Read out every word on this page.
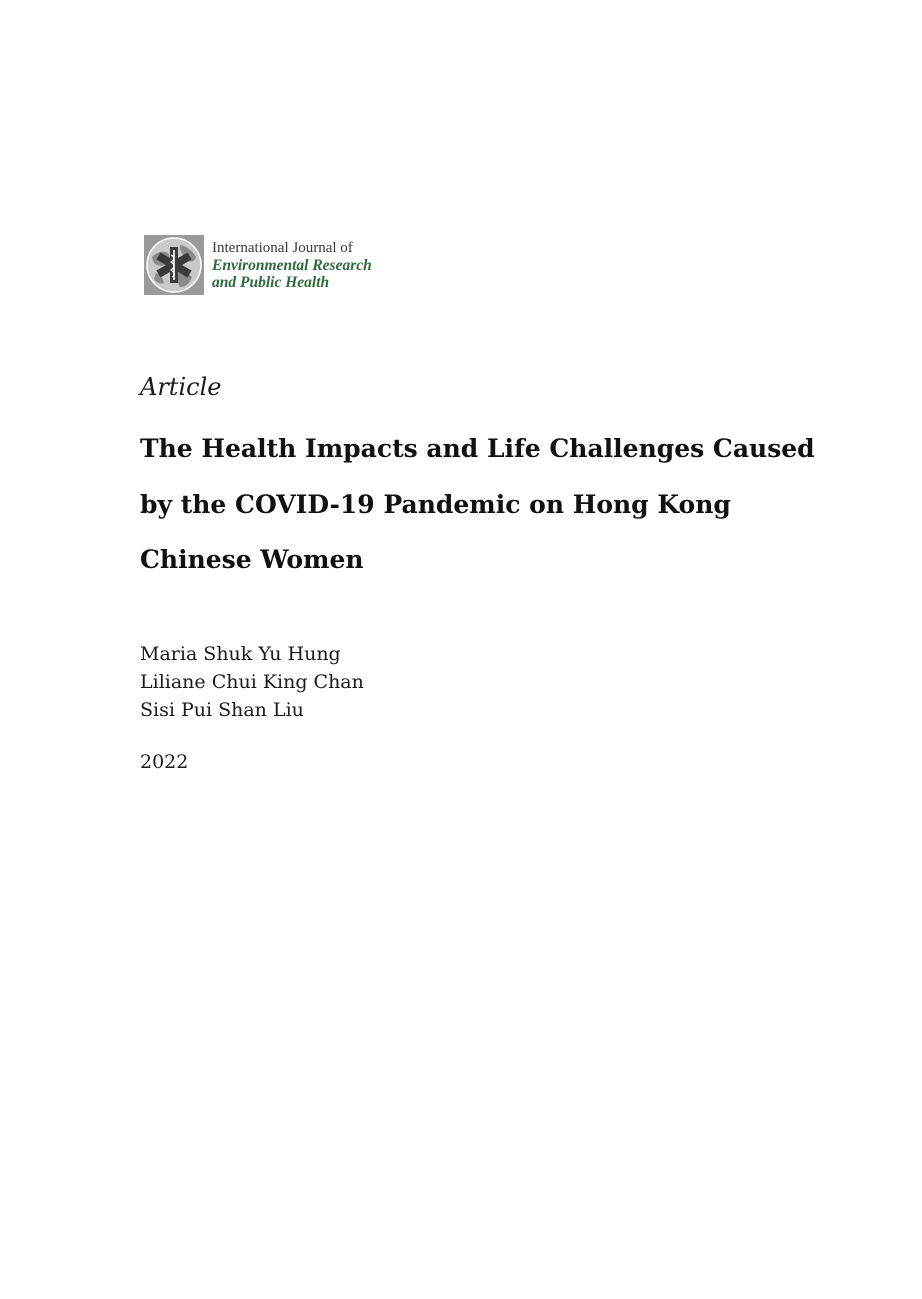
International Journal of
Environmental Research
and Public Health
Article
The Health Impacts and Life Challenges Caused by the COVID-19 Pandemic on Hong Kong Chinese Women
Maria Shuk Yu Hung
Liliane Chui King Chan
Sisi Pui Shan Liu
2022
